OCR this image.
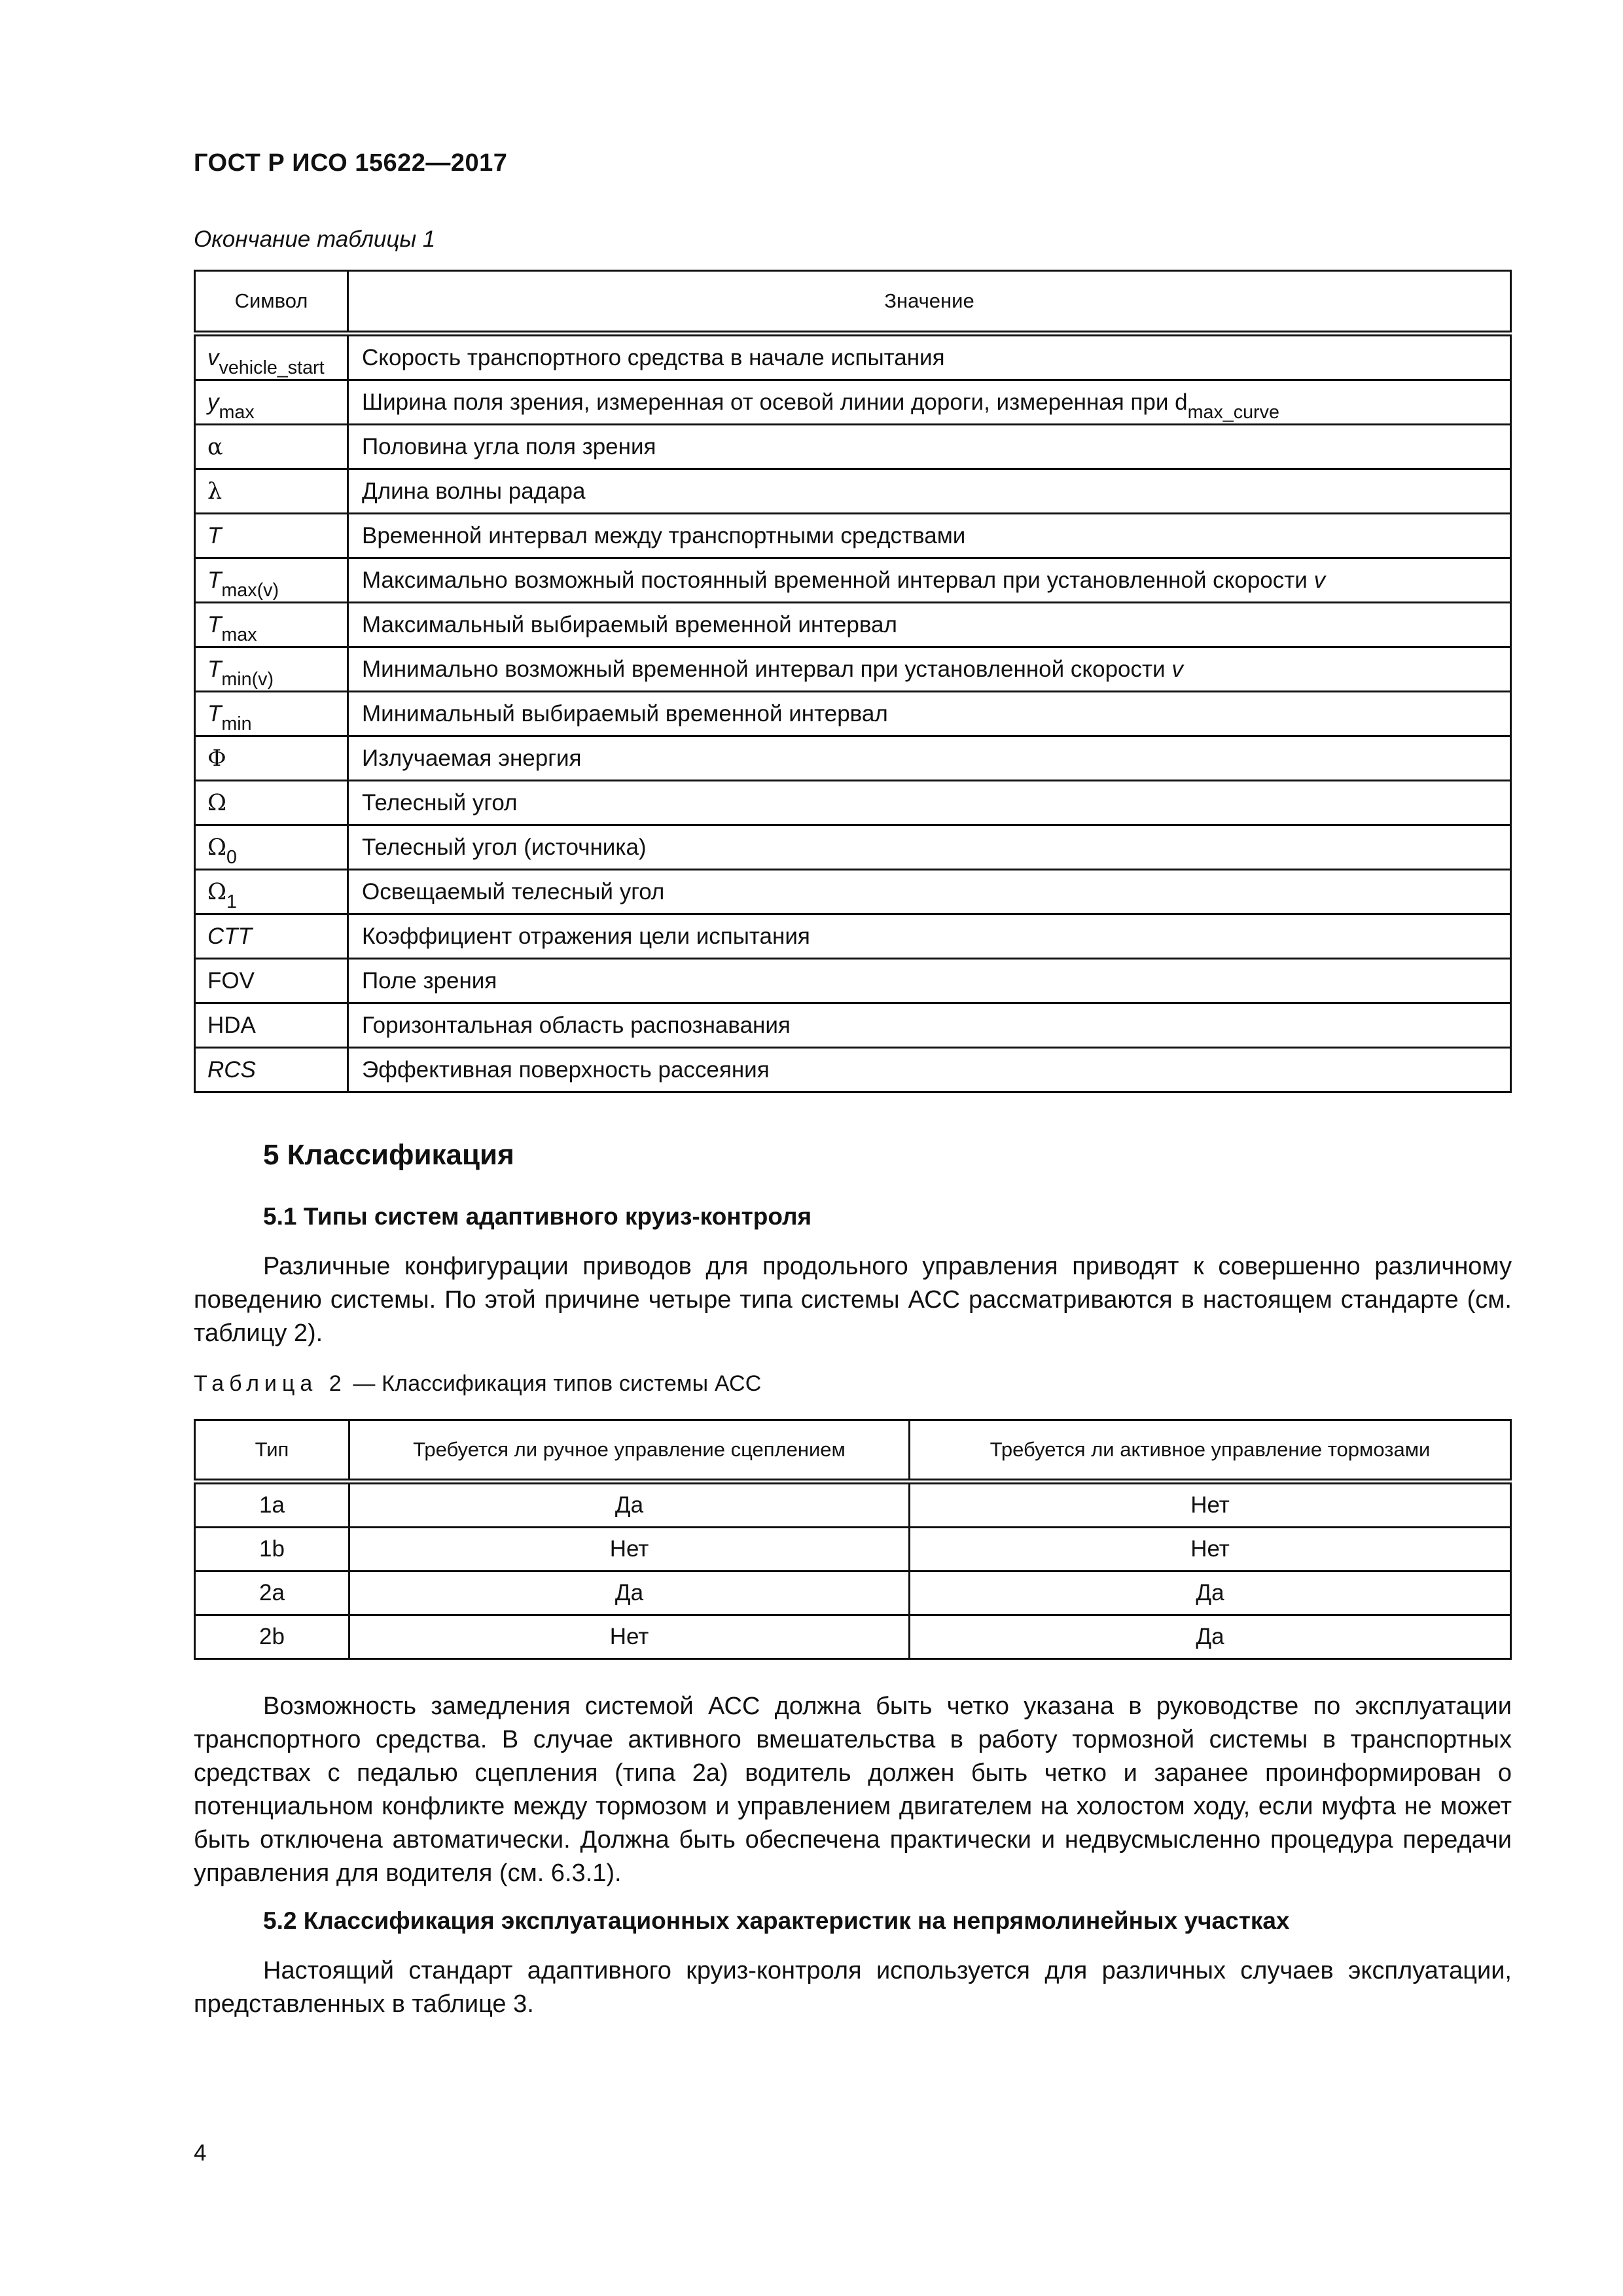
ГОСТ Р ИСО 15622—2017
Окончание таблицы 1
Символ	Значение
$v_{vehicle\_start}$	Скорость транспортного средства в начале испытания
$y_{max}$	Ширина поля зрения, измеренная от осевой линии дороги, измеренная при $d_{max\_curve}$
α	Половина угла поля зрения
λ	Длина волны радара
T	Временной интервал между транспортными средствами
$T_{max(v)}$	Максимально возможный постоянный временной интервал при установленной скорости v
$T_{max}$	Максимальный выбираемый временной интервал
$T_{min(v)}$	Минимально возможный временной интервал при установленной скорости v
$T_{min}$	Минимальный выбираемый временной интервал
Φ	Излучаемая энергия
Ω	Телесный угол
$\Omega_0$	Телесный угол (источника)
$\Omega_1$	Освещаемый телесный угол
CTT	Коэффициент отражения цели испытания
FOV	Поле зрения
HDA	Горизонтальная область распознавания
RCS	Эффективная поверхность рассеяния
5 Классификация
5.1 Типы систем адаптивного круиз-контроля
Различные конфигурации приводов для продольного управления приводят к совершенно различному поведению системы. По этой причине четыре типа системы АСС рассматриваются в настоящем стандарте (см. таблицу 2).
Таблица 2 — Классификация типов системы АСС
Тип	Требуется ли ручное управление сцеплением	Требуется ли активное управление тормозами
1a	Да	Нет
1b	Нет	Нет
2a	Да	Да
2b	Нет	Да
Возможность замедления системой АСС должна быть четко указана в руководстве по эксплуатации транспортного средства. В случае активного вмешательства в работу тормозной системы в транспортных средствах с педалью сцепления (типа 2а) водитель должен быть четко и заранее проинформирован о потенциальном конфликте между тормозом и управлением двигателем на холостом ходу, если муфта не может быть отключена автоматически. Должна быть обеспечена практически и недвусмысленно процедура передачи управления для водителя (см. 6.3.1).
5.2 Классификация эксплуатационных характеристик на непрямолинейных участках
Настоящий стандарт адаптивного круиз-контроля используется для различных случаев эксплуатации, представленных в таблице 3.
4
